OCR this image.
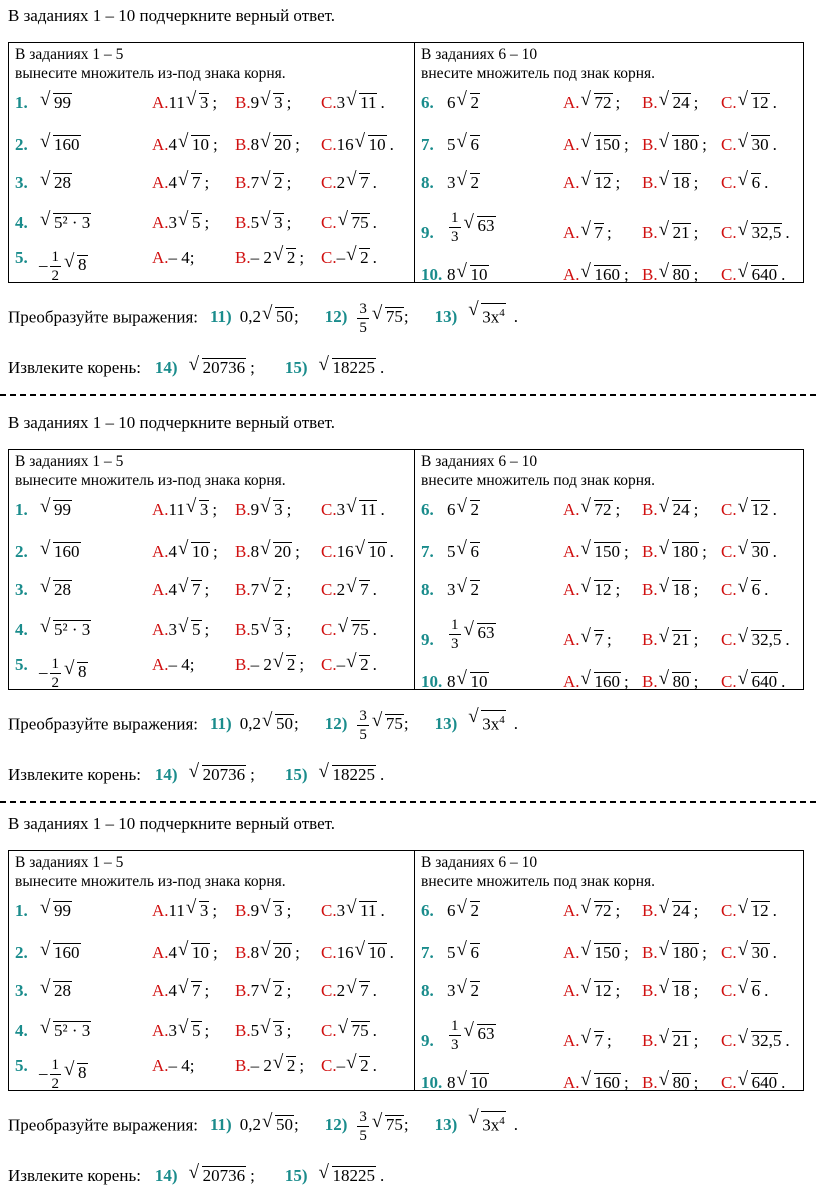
В заданиях 1 – 10 подчеркните верный ответ.
В заданиях 1 – 5
вынесите множитель из-под знака корня.
В заданиях 6 – 10
внесите множитель под знак корня.
1.	√ 99	A.11 √ 3 ; B.9 √ 3 ; C.3 √ 11 .
2.	√ 160	A.4 √ 10 ; B.8 √ 20 ; C.16 √ 10 .
3.	√ 28	A.4 √ 7 ; B.7 √ 2 ; C.2 √ 7 .
4.	√ 5² · 3	A.3 √ 5 ; B.5 √ 3 ; C. √ 75 .
5. – $\frac{1}{2}$ √ 8	A.– 4; B.– 2 √ 2 ; C.– √ 2 .
6. 6 √ 2	A. √ 72 ; B. √ 24 ; C. √ 12 .
7. 5 √ 6	A. √ 150 ; B. √ 180 ; C. √ 30 .
8. 3 √ 2	A. √ 12 ; B. √ 18 ; C. √ 6 .
9. $\frac{1}{3}$ √ 63	A. √ 7 ; B. √ 21 ; C. √ 32,5 .
10. 8 √ 10	A. √ 160 ; B. √ 80 ; C. √ 640 .
Преобразуйте выражения: 11) 0,2 √ 50; $12) \frac{3}{5}$ √ 75; 13) √ $3x^4$ .
Извлеките корень: 14) √ 20736 ; 15) √ 18225 .
В заданиях 1 – 10 подчеркните верный ответ.
В заданиях 1 – 5
вынесите множитель из-под знака корня.
В заданиях 6 – 10
внесите множитель под знак корня.
1.	√ 99	A.11 √ 3 ; B.9 √ 3 ; C.3 √ 11 .
2.	√ 160	A.4 √ 10 ; B.8 √ 20 ; C.16 √ 10 .
3.	√ 28	A.4 √ 7 ; B.7 √ 2 ; C.2 √ 7 .
4.	√ 5² · 3	A.3 √ 5 ; B.5 √ 3 ; C. √ 75 .
5. – $\frac{1}{2}$ √ 8	A.– 4; B.– 2 √ 2 ; C.– √ 2 .
6. 6 √ 2	A. √ 72 ; B. √ 24 ; C. √ 12 .
7. 5 √ 6	A. √ 150 ; B. √ 180 ; C. √ 30 .
8. 3 √ 2	A. √ 12 ; B. √ 18 ; C. √ 6 .
9. $\frac{1}{3}$ √ 63	A. √ 7 ; B. √ 21 ; C. √ 32,5 .
10. 8 √ 10	A. √ 160 ; B. √ 80 ; C. √ 640 .
Преобразуйте выражения: 11) 0,2 √ 50; $12) \frac{3}{5}$ √ 75; 13) √ $3x^4$ .
Извлеките корень: 14) √ 20736 ; 15) √ 18225 .
В заданиях 1 – 10 подчеркните верный ответ.
В заданиях 1 – 5
вынесите множитель из-под знака корня.
В заданиях 6 – 10
внесите множитель под знак корня.
1.	√ 99	A.11 √ 3 ; B.9 √ 3 ; C.3 √ 11 .
2.	√ 160	A.4 √ 10 ; B.8 √ 20 ; C.16 √ 10 .
3.	√ 28	A.4 √ 7 ; B.7 √ 2 ; C.2 √ 7 .
4.	√ 5² · 3	A.3 √ 5 ; B.5 √ 3 ; C. √ 75 .
5. – $\frac{1}{2}$ √ 8	A.– 4; B.– 2 √ 2 ; C.– √ 2 .
6. 6 √ 2	A. √ 72 ; B. √ 24 ; C. √ 12 .
7. 5 √ 6	A. √ 150 ; B. √ 180 ; C. √ 30 .
8. 3 √ 2	A. √ 12 ; B. √ 18 ; C. √ 6 .
9. $\frac{1}{3}$ √ 63	A. √ 7 ; B. √ 21 ; C. √ 32,5 .
10. 8 √ 10	A. √ 160 ; B. √ 80 ; C. √ 640 .
Преобразуйте выражения: 11) 0,2 √ 50; $12) \frac{3}{5}$ √ 75; 13) √ $3x^4$ .
Извлеките корень: 14) √ 20736 ; 15) √ 18225 .
